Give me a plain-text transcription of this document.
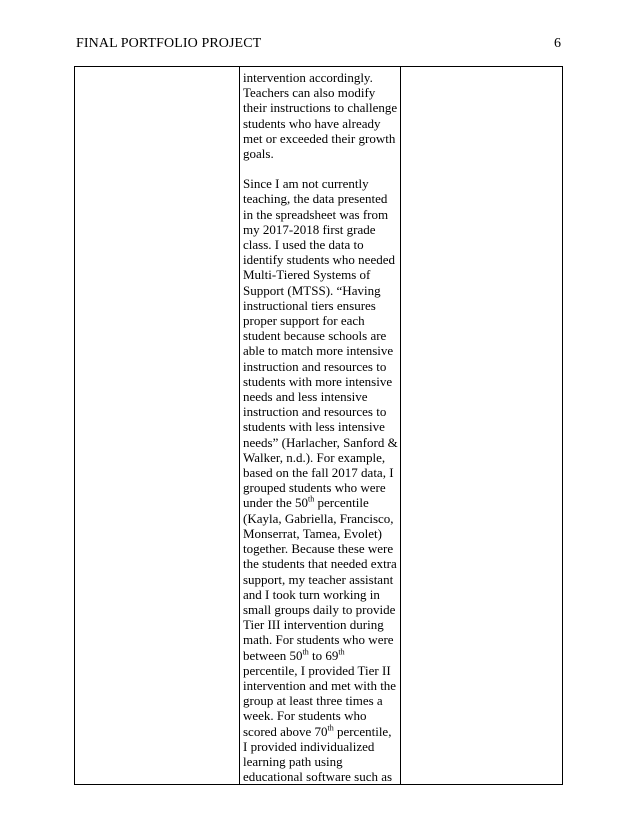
FINAL PORTFOLIO PROJECT	6

intervention accordingly. Teachers can also modify their instructions to challenge students who have already met or exceeded their growth goals.

Since I am not currently teaching, the data presented in the spreadsheet was from my 2017-2018 first grade class. I used the data to identify students who needed Multi-Tiered Systems of Support (MTSS). “Having instructional tiers ensures proper support for each student because schools are able to match more intensive instruction and resources to students with more intensive needs and less intensive instruction and resources to students with less intensive needs” (Harlacher, Sanford & Walker, n.d.). For example, based on the fall 2017 data, I grouped students who were under the 50th percentile (Kayla, Gabriella, Francisco, Monserrat, Tamea, Evolet) together. Because these were the students that needed extra support, my teacher assistant and I took turn working in small groups daily to provide Tier III intervention during math. For students who were between 50th to 69th percentile, I provided Tier II intervention and met with the group at least three times a week. For students who scored above 70th percentile, I provided individualized learning path using educational software such as
